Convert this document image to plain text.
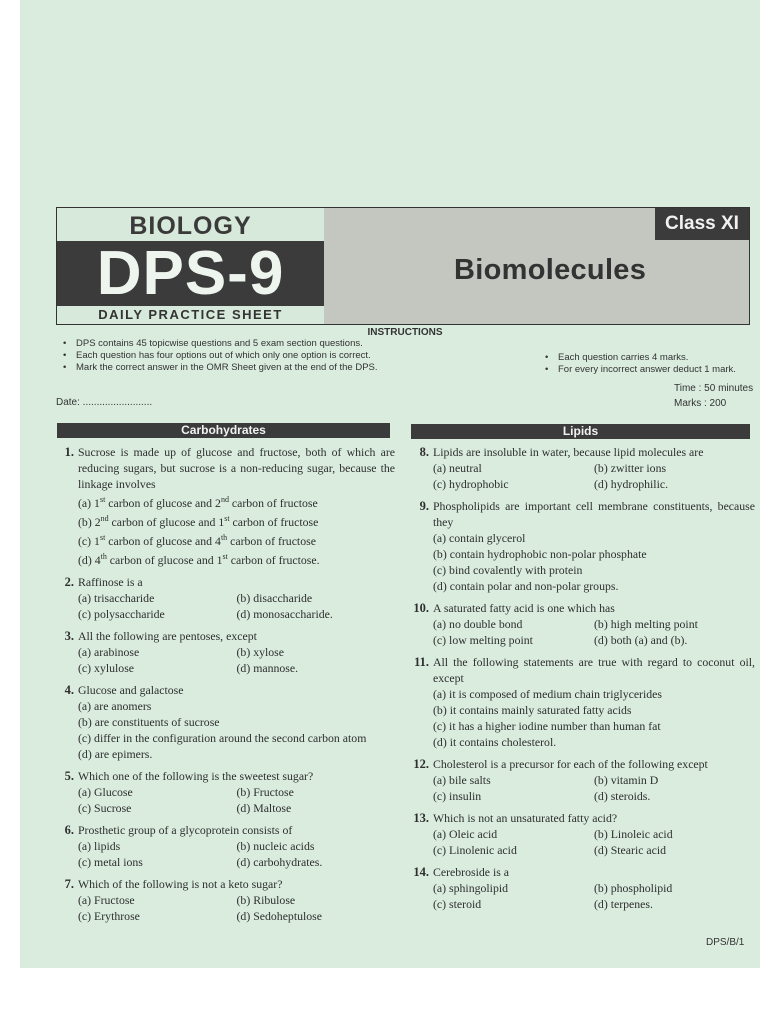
BIOLOGY
DPS-9
DAILY PRACTICE SHEET
Class XI
Biomolecules
INSTRUCTIONS
• DPS contains 45 topicwise questions and 5 exam section questions.
• Each question has four options out of which only one option is correct.
• Mark the correct answer in the OMR Sheet given at the end of the DPS.
• Each question carries 4 marks.
• For every incorrect answer deduct 1 mark.
Date: .........................
Time : 50 minutes
Marks : 200
Carbohydrates	Lipids
1. Sucrose is made up of glucose and fructose, both of which are reducing sugars, but sucrose is a non-reducing sugar, because the linkage involves
(a) 1st carbon of glucose and 2nd carbon of fructose
(b) 2nd carbon of glucose and 1st carbon of fructose
(c) 1st carbon of glucose and 4th carbon of fructose
(d) 4th carbon of glucose and 1st carbon of fructose.
2. Raffinose is a
(a) trisaccharide	(b) disaccharide
(c) polysaccharide	(d) monosaccharide.
3. All the following are pentoses, except
(a) arabinose	(b) xylose
(c) xylulose	(d) mannose.
4. Glucose and galactose
(a) are anomers
(b) are constituents of sucrose
(c) differ in the configuration around the second carbon atom
(d) are epimers.
5. Which one of the following is the sweetest sugar?
(a) Glucose	(b) Fructose
(c) Sucrose	(d) Maltose
6. Prosthetic group of a glycoprotein consists of
(a) lipids	(b) nucleic acids
(c) metal ions	(d) carbohydrates.
7. Which of the following is not a keto sugar?
(a) Fructose	(b) Ribulose
(c) Erythrose	(d) Sedoheptulose
8. Lipids are insoluble in water, because lipid molecules are
(a) neutral	(b) zwitter ions
(c) hydrophobic	(d) hydrophilic.
9. Phospholipids are important cell membrane constituents, because they
(a) contain glycerol
(b) contain hydrophobic non-polar phosphate
(c) bind covalently with protein
(d) contain polar and non-polar groups.
10. A saturated fatty acid is one which has
(a) no double bond	(b) high melting point
(c) low melting point	(d) both (a) and (b).
11. All the following statements are true with regard to coconut oil, except
(a) it is composed of medium chain triglycerides
(b) it contains mainly saturated fatty acids
(c) it has a higher iodine number than human fat
(d) it contains cholesterol.
12. Cholesterol is a precursor for each of the following except
(a) bile salts	(b) vitamin D
(c) insulin	(d) steroids.
13. Which is not an unsaturated fatty acid?
(a) Oleic acid	(b) Linoleic acid
(c) Linolenic acid	(d) Stearic acid
14. Cerebroside is a
(a) sphingolipid	(b) phospholipid
(c) steroid	(d) terpenes.
DPS/B/1
